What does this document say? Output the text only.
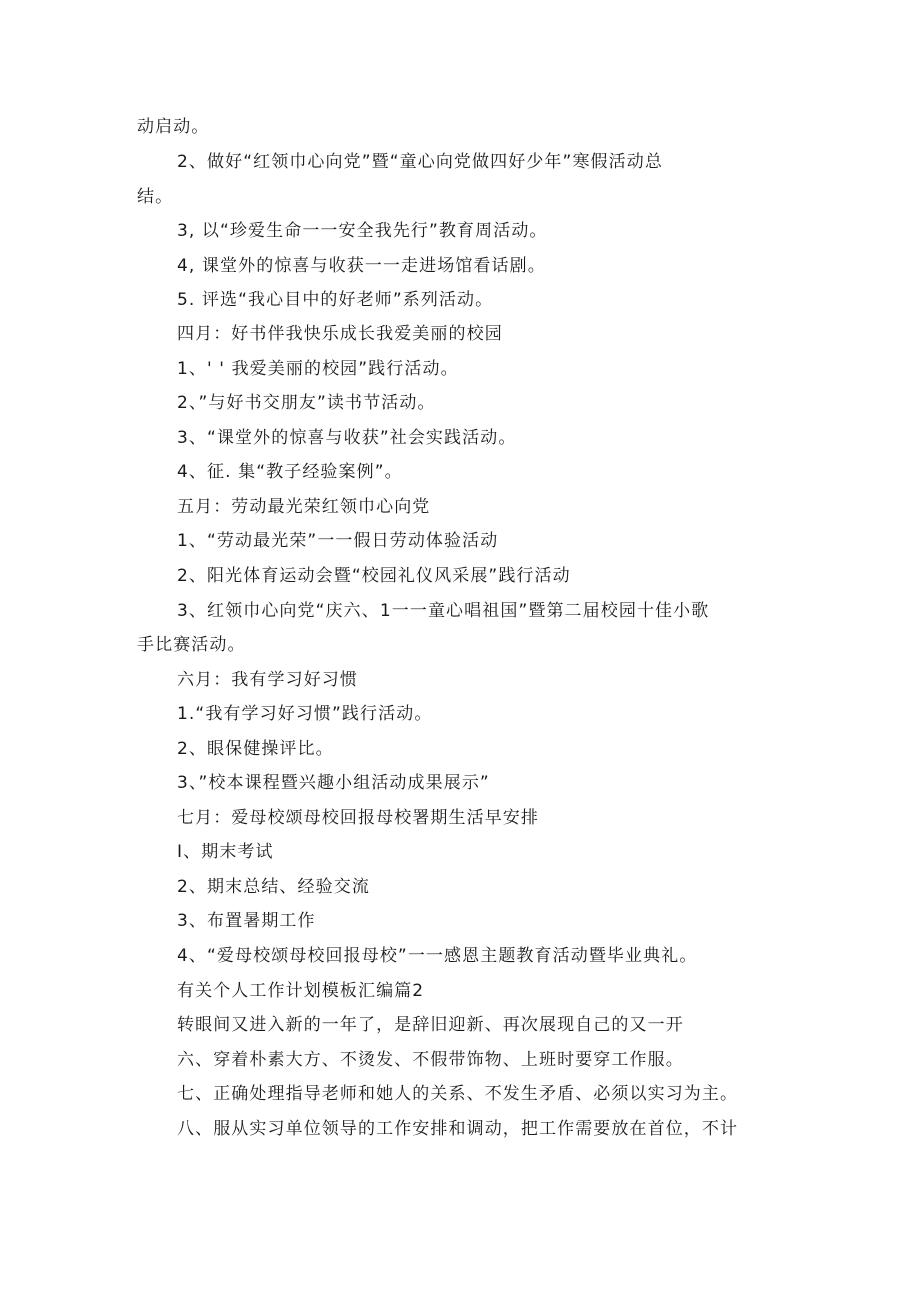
动启动。
2、做好“红领巾心向党”暨“童心向党做四好少年”寒假活动总
结。
3, 以“珍爱生命一一安全我先行”教育周活动。
4, 课堂外的惊喜与收获一一走进场馆看话剧。
5. 评选“我心目中的好老师”系列活动。
四月：好书伴我快乐成长我爱美丽的校园
1、' ' 我爱美丽的校园”践行活动。
2、”与好书交朋友”读书节活动。
3、“课堂外的惊喜与收获”社会实践活动。
4、征. 集“教子经验案例”。
五月：劳动最光荣红领巾心向党
1、“劳动最光荣”一一假日劳动体验活动
2、阳光体育运动会暨“校园礼仪风采展”践行活动
3、红领巾心向党“庆六、1一一童心唱祖国”暨第二届校园十佳小歌
手比赛活动。
六月：我有学习好习惯
1.“我有学习好习惯”践行活动。
2、眼保健操评比。
3、”校本课程暨兴趣小组活动成果展示”
七月：爱母校颂母校回报母校署期生活早安排
I、期末考试
2、期末总结、经验交流
3、布置暑期工作
4、“爱母校颂母校回报母校”一一感恩主题教育活动暨毕业典礼。
有关个人工作计划模板汇编篇2
转眼间又进入新的一年了，是辞旧迎新、再次展现自己的又一开
六、穿着朴素大方、不烫发、不假带饰物、上班时要穿工作服。
七、正确处理指导老师和她人的关系、不发生矛盾、必须以实习为主。
八、服从实习单位领导的工作安排和调动，把工作需要放在首位，不计
